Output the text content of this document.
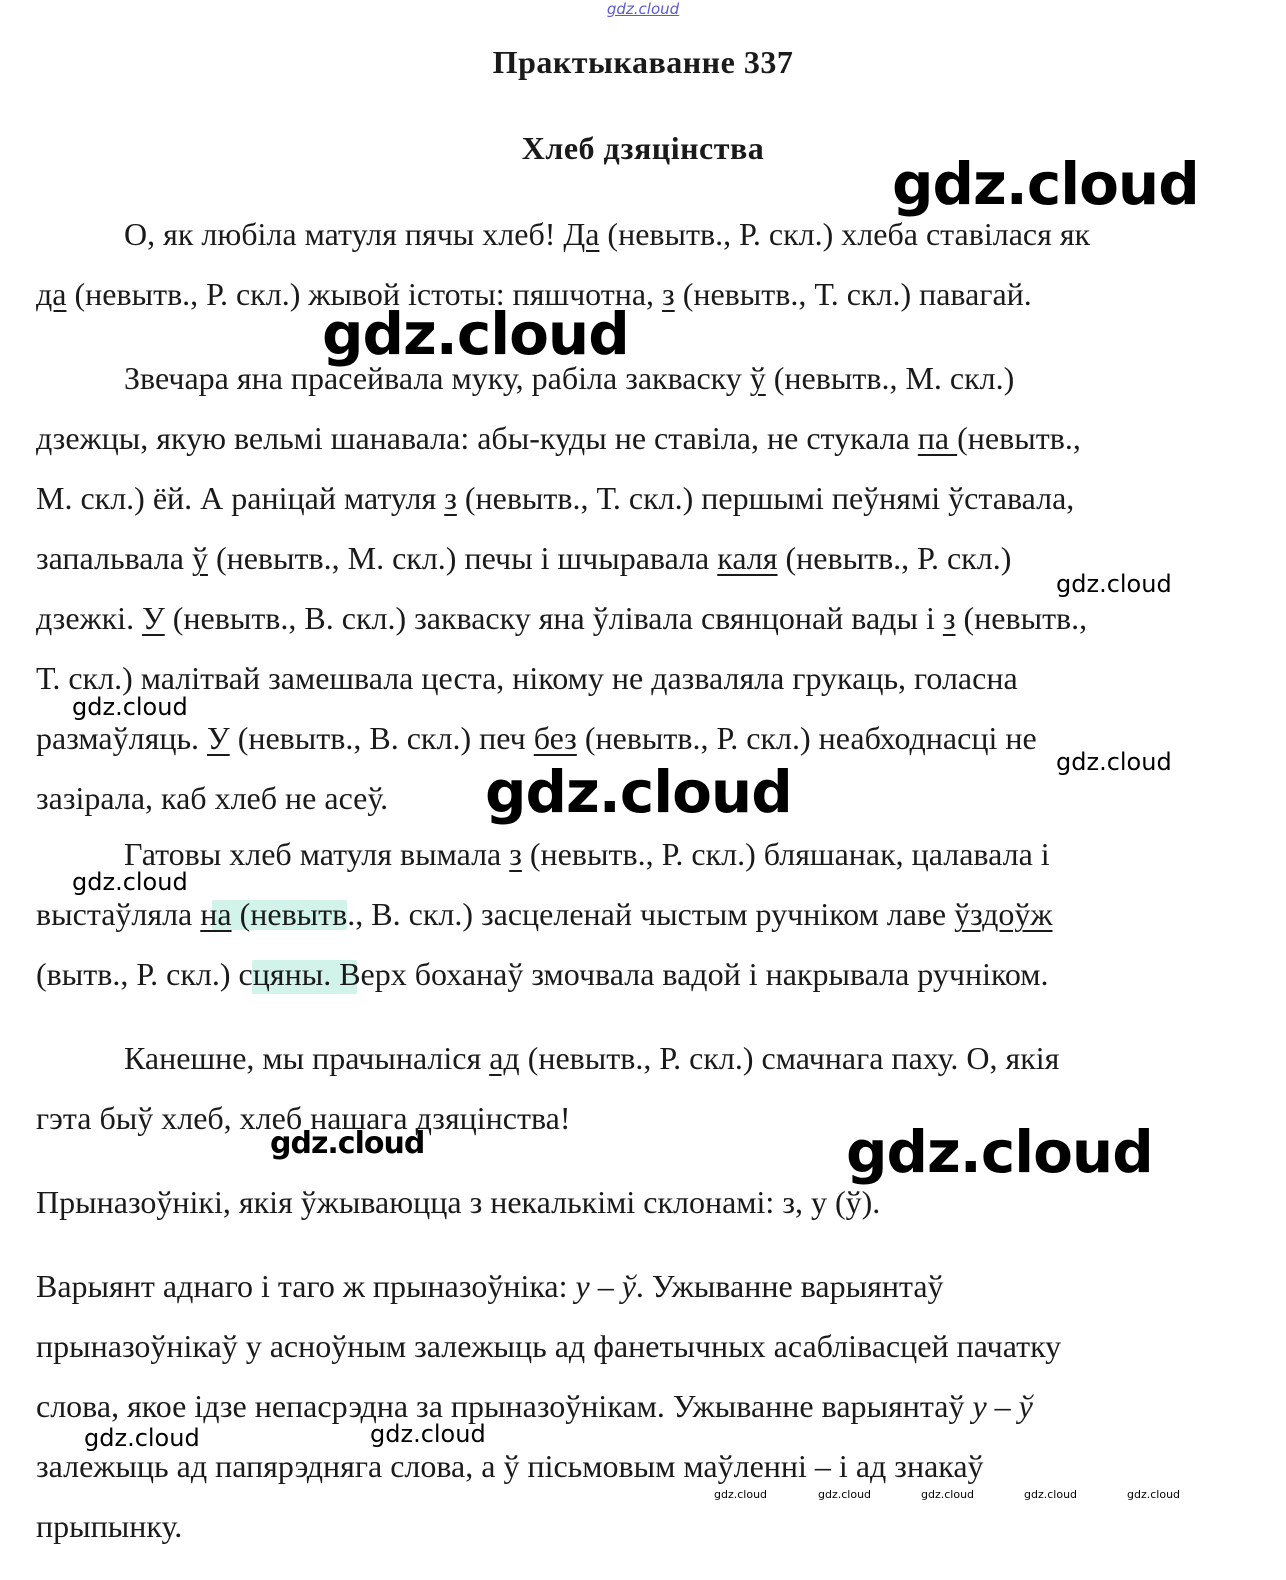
gdz.cloud
Практыкаванне 337
Хлеб дзяцінства
О, як любіла матуля пячы хлеб! Да (невытв., Р. скл.) хлеба ставілася як
да (невытв., Р. скл.) жывой істоты: пяшчотна, з (невытв., Т. скл.) павагай.
Звечара яна прасейвала муку, рабіла закваску ў (невытв., М. скл.)
дзежцы, якую вельмі шанавала: абы-куды не ставіла, не стукала па (невытв.,
М. скл.) ёй. А раніцай матуля з (невытв., Т. скл.) першымі пеўнямі ўставала,
запальвала ў (невытв., М. скл.) печы і шчыравала каля (невытв., Р. скл.)
дзежкі. У (невытв., В. скл.) закваску яна ўлівала свянцонай вады і з (невытв.,
Т. скл.) малітвай замешвала цеста, нікому не дазваляла грукаць, голасна
размаўляць. У (невытв., В. скл.) печ без (невытв., Р. скл.) неабходнасці не
зазірала, каб хлеб не асеў.
Гатовы хлеб матуля вымала з (невытв., Р. скл.) бляшанак, цалавала і
выстаўляла на (невытв., В. скл.) засцеленай чыстым ручніком лаве ўздоўж
(вытв., Р. скл.) сцяны. Верх боханаў змочвала вадой і накрывала ручніком.
Канешне, мы прачыналіся ад (невытв., Р. скл.) смачнага паху. О, якія
гэта быў хлеб, хлеб нашага дзяцінства!
Прыназоўнікі, якія ўжываюцца з некалькімі склонамі: з, у (ў).
Варыянт аднаго і таго ж прыназоўніка: у – ў. Ужыванне варыянтаў
прыназоўнікаў у асноўным залежыць ад фанетычных асаблівасцей пачатку
слова, якое ідзе непасрэдна за прыназоўнікам. Ужыванне варыянтаў у – ў
залежыць ад папярэдняга слова, а ў пісьмовым маўленні – і ад знакаў
прыпынку.
gdz.cloud
gdz.cloud
gdz.cloud
gdz.cloud
gdz.cloud
gdz.cloud
gdz.cloud
gdz.cloud	gdz.cloud
gdz.cloud	gdz.cloud
gdz.cloud	gdz.cloud	gdz.cloud	gdz.cloud	gdz.cloud
